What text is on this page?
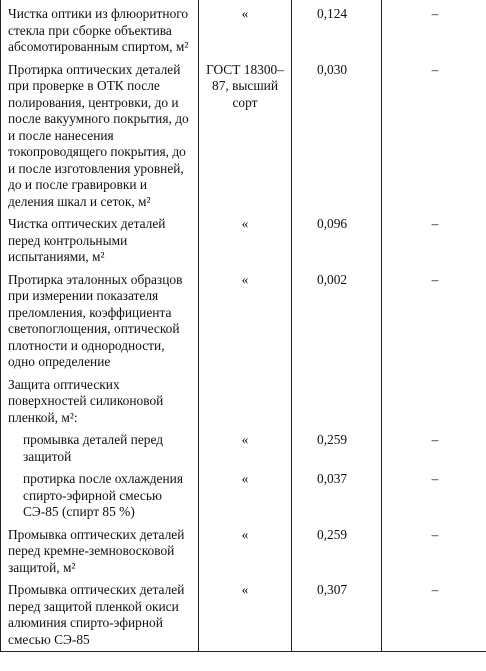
Чистка оптики из флюоритного стекла при сборке объектива абсомотированным спиртом, м²	«	0,124	–

Протирка оптических деталей при проверке в ОТК после полирования, центровки, до и после вакуумного покрытия, до и после нанесения токопроводящего покрытия, до и после изготовления уровней, до и после гравировки и деления шкал и сеток, м²	ГОСТ 18300–87, высший сорт	0,030	–

Чистка оптических деталей перед контрольными испытаниями, м²	«	0,096	–

Протирка эталонных образцов при измерении показателя преломления, коэффициента светопоглощения, оптической плотности и однородности, одно определение	«	0,002	–

Защита оптических поверхностей силиконовой пленкой, м²:			

промывка деталей перед защитой	«	0,259	–

протирка после охлаждения спирто-эфирной смесью СЭ-85 (спирт 85 %)	«	0,037	–

Промывка оптических деталей перед кремне-земновосковой защитой, м²	«	0,259	–

Промывка оптических деталей перед защитой пленкой окиси алюминия спирто-эфирной смесью СЭ-85	«	0,307	–
